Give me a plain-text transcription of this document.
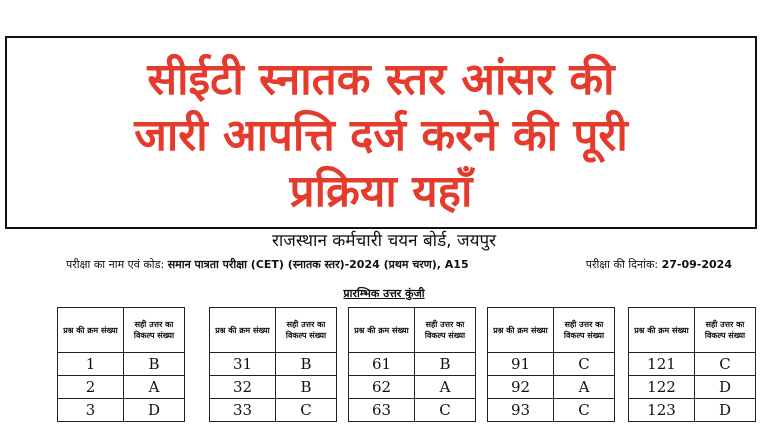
राजस्थान कर्मचारी चयन बोर्ड, जयपुर
परीक्षा का नाम एवं कोड: समान पात्रता परीक्षा (CET) (स्नातक स्तर)-2024 (प्रथम चरण), A15	परीक्षा की दिनांक: 27-09-2024
प्रारम्भिक उत्तर कुंजी
प्रश्न की क्रम संख्या	सही उत्तर का विकल्प संख्या
1	B
2	A
3	D
प्रश्न की क्रम संख्या	सही उत्तर का विकल्प संख्या
31	B
32	B
33	C
प्रश्न की क्रम संख्या	सही उत्तर का विकल्प संख्या
61	B
62	A
63	C
प्रश्न की क्रम संख्या	सही उत्तर का विकल्प संख्या
91	C
92	A
93	C
प्रश्न की क्रम संख्या	सही उत्तर का विकल्प संख्या
121	C
122	D
123	D
सीईटी स्नातक स्तर आंसर की
जारी आपत्ति दर्ज करने की पूरी
प्रक्रिया यहाँ
